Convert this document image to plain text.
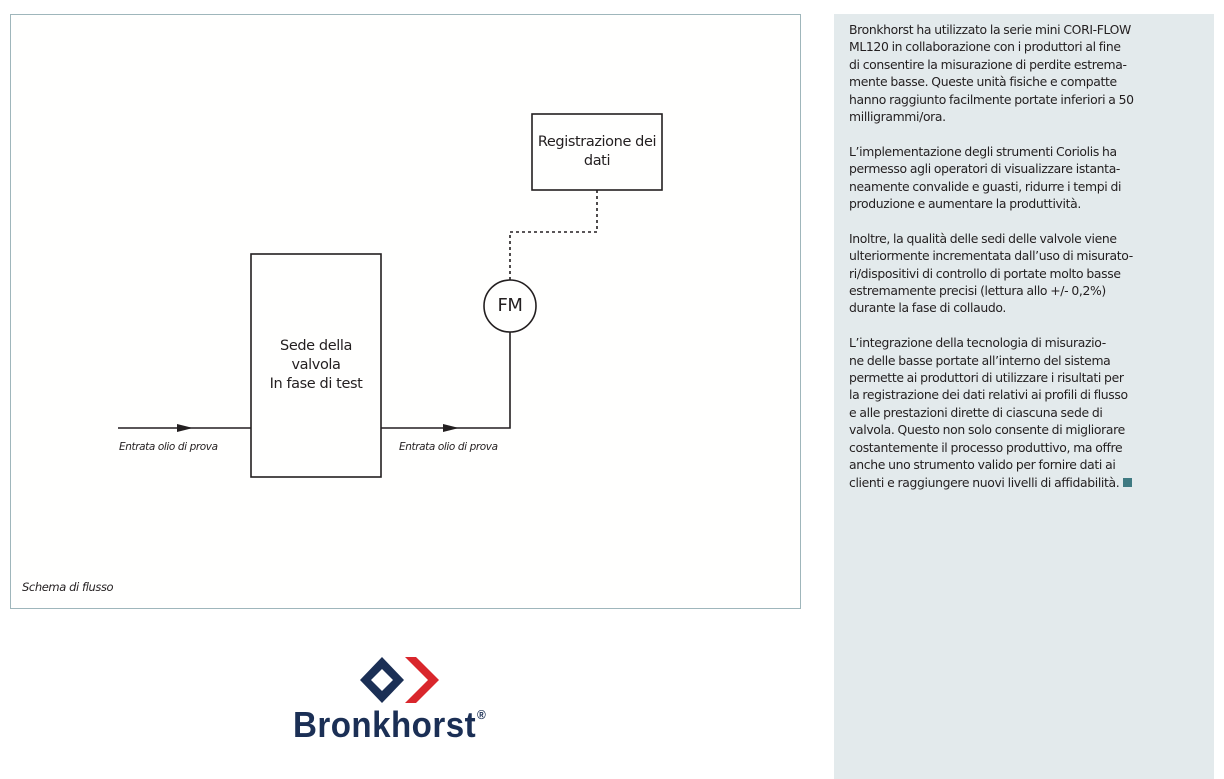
Sede della
valvola
In fase di test
Registrazione dei
dati
FM
Entrata olio di prova	Entrata olio di prova
Schema di flusso

Bronkhorst ha utilizzato la serie mini CORI-FLOW
ML120 in collaborazione con i produttori al fine
di consentire la misurazione di perdite estrema-
mente basse. Queste unità fisiche e compatte
hanno raggiunto facilmente portate inferiori a 50
milligrammi/ora.

L’implementazione degli strumenti Coriolis ha
permesso agli operatori di visualizzare istanta-
neamente convalide e guasti, ridurre i tempi di
produzione e aumentare la produttività.

Inoltre, la qualità delle sedi delle valvole viene
ulteriormente incrementata dall’uso di misurato-
ri/dispositivi di controllo di portate molto basse
estremamente precisi (lettura allo +/- 0,2%)
durante la fase di collaudo.

L’integrazione della tecnologia di misurazio-
ne delle basse portate all’interno del sistema
permette ai produttori di utilizzare i risultati per
la registrazione dei dati relativi ai profili di flusso
e alle prestazioni dirette di ciascuna sede di
valvola. Questo non solo consente di migliorare
costantemente il processo produttivo, ma offre
anche uno strumento valido per fornire dati ai
clienti e raggiungere nuovi livelli di affidabilità.

Bronkhorst®
